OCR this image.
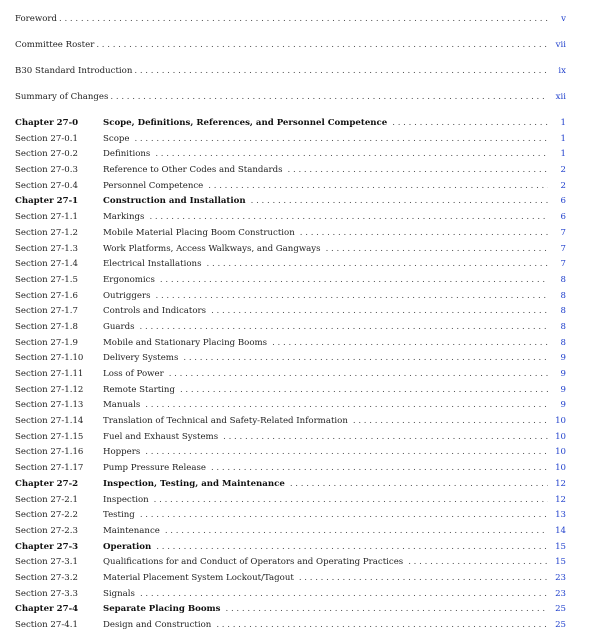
Foreword . . .	v
Committee Roster . . .	vii
B30 Standard Introduction . . .	ix
Summary of Changes . . .	xii
Chapter 27-0	Scope, Definitions, References, and Personnel Competence . . .	1
Section 27-0.1	Scope . . .	1
Section 27-0.2	Definitions . . .	1
Section 27-0.3	Reference to Other Codes and Standards . . .	2
Section 27-0.4	Personnel Competence . . .	2
Chapter 27-1	Construction and Installation . . .	6
Section 27-1.1	Markings . . .	6
Section 27-1.2	Mobile Material Placing Boom Construction . . .	7
Section 27-1.3	Work Platforms, Access Walkways, and Gangways . . .	7
Section 27-1.4	Electrical Installations . . .	7
Section 27-1.5	Ergonomics . . .	8
Section 27-1.6	Outriggers . . .	8
Section 27-1.7	Controls and Indicators . . .	8
Section 27-1.8	Guards . . .	8
Section 27-1.9	Mobile and Stationary Placing Booms . . .	8
Section 27-1.10	Delivery Systems . . .	9
Section 27-1.11	Loss of Power . . .	9
Section 27-1.12	Remote Starting . . .	9
Section 27-1.13	Manuals . . .	9
Section 27-1.14	Translation of Technical and Safety-Related Information . . .	10
Section 27-1.15	Fuel and Exhaust Systems . . .	10
Section 27-1.16	Hoppers . . .	10
Section 27-1.17	Pump Pressure Release . . .	10
Chapter 27-2	Inspection, Testing, and Maintenance . . .	12
Section 27-2.1	Inspection . . .	12
Section 27-2.2	Testing . . .	13
Section 27-2.3	Maintenance . . .	14
Chapter 27-3	Operation . . .	15
Section 27-3.1	Qualifications for and Conduct of Operators and Operating Practices . . .	15
Section 27-3.2	Material Placement System Lockout/Tagout . . .	23
Section 27-3.3	Signals . . .	23
Chapter 27-4	Separate Placing Booms . . .	25
Section 27-4.1	Design and Construction . . .	25
